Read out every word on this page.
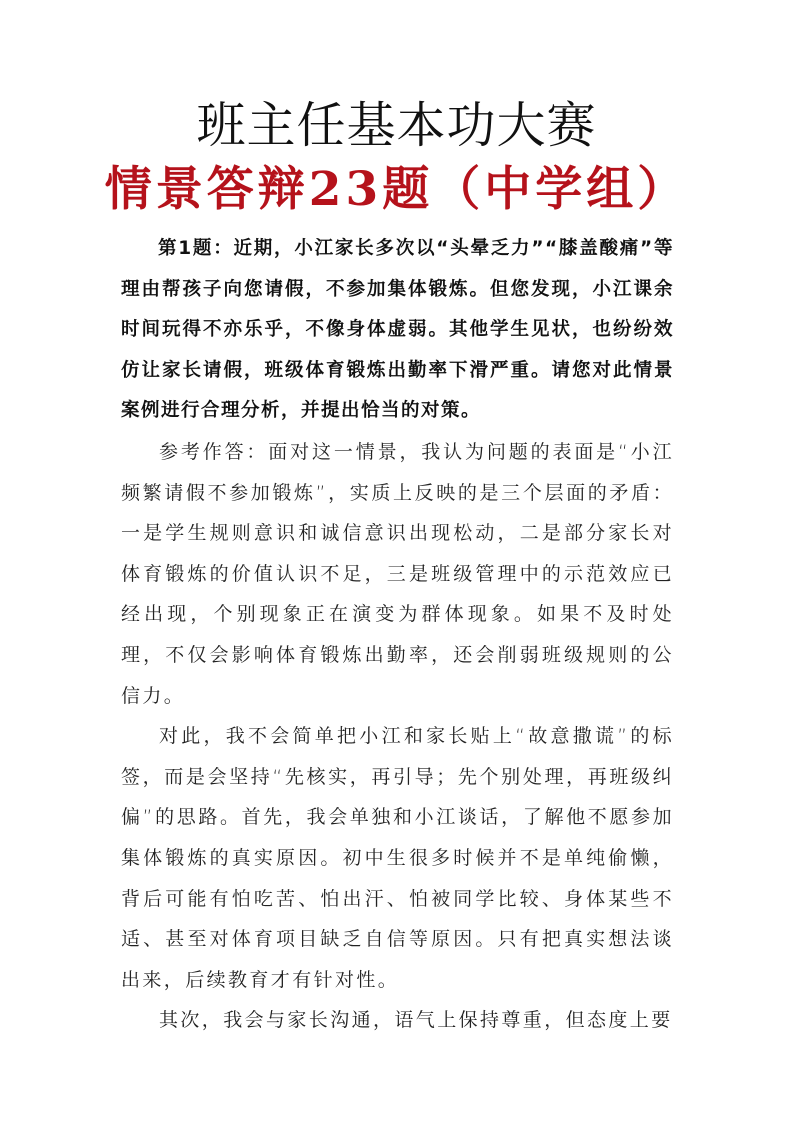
班主任基本功大赛
情景答辩23题（中学组）

第1题：近期，小江家长多次以“头晕乏力”“膝盖酸痛”等理由帮孩子向您请假，不参加集体锻炼。但您发现，小江课余时间玩得不亦乐乎，不像身体虚弱。其他学生见状，也纷纷效仿让家长请假，班级体育锻炼出勤率下滑严重。请您对此情景案例进行合理分析，并提出恰当的对策。

参考作答：面对这一情景，我认为问题的表面是“小江频繁请假不参加锻炼”，实质上反映的是三个层面的矛盾：一是学生规则意识和诚信意识出现松动，二是部分家长对体育锻炼的价值认识不足，三是班级管理中的示范效应已经出现，个别现象正在演变为群体现象。如果不及时处理，不仅会影响体育锻炼出勤率，还会削弱班级规则的公信力。

对此，我不会简单把小江和家长贴上“故意撒谎”的标签，而是会坚持“先核实，再引导；先个别处理，再班级纠偏”的思路。首先，我会单独和小江谈话，了解他不愿参加集体锻炼的真实原因。初中生很多时候并不是单纯偷懒，背后可能有怕吃苦、怕出汗、怕被同学比较、身体某些不适、甚至对体育项目缺乏自信等原因。只有把真实想法谈出来，后续教育才有针对性。

其次，我会与家长沟通，语气上保持尊重，但态度上要
